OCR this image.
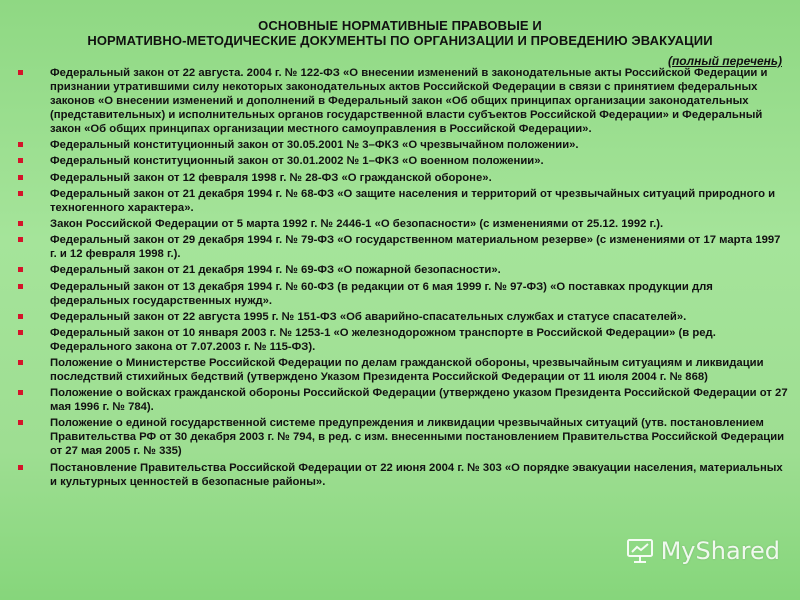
ОСНОВНЫЕ НОРМАТИВНЫЕ ПРАВОВЫЕ И
НОРМАТИВНО-МЕТОДИЧЕСКИЕ ДОКУМЕНТЫ ПО ОРГАНИЗАЦИИ И ПРОВЕДЕНИЮ ЭВАКУАЦИИ
(полный перечень)
Федеральный закон от 22 августа. 2004 г. № 122-ФЗ «О внесении изменений в законодательные акты Российской Федерации и признании утратившими силу некоторых законодательных актов Российской Федерации в связи с принятием федеральных законов «О внесении изменений и дополнений в Федеральный закон «Об общих принципах организации законодательных (представительных) и исполнительных органов государственной власти субъектов Российской Федерации» и Федеральный закон «Об общих принципах организации местного самоуправления в Российской Федерации».
Федеральный конституционный закон от 30.05.2001 № 3–ФКЗ «О чрезвычайном положении».
Федеральный конституционный закон от 30.01.2002 № 1–ФКЗ «О военном положении».
Федеральный закон от 12 февраля 1998 г. № 28-ФЗ «О гражданской обороне».
Федеральный закон от 21 декабря 1994 г. № 68-ФЗ «О защите населения и территорий от чрезвычайных ситуаций природного и техногенного характера».
Закон Российской Федерации от 5 марта 1992 г. № 2446-1 «О безопасности» (с изменениями от 25.12. 1992 г.).
Федеральный закон от 29 декабря 1994 г. № 79-ФЗ «О государственном материальном резерве» (с изменениями от 17 марта 1997 г. и 12 февраля 1998 г.).
Федеральный закон от 21 декабря 1994 г. № 69-ФЗ «О пожарной безопасности».
Федеральный закон от 13 декабря 1994 г. № 60-ФЗ (в редакции от 6 мая 1999 г. № 97-ФЗ) «О поставках продукции для федеральных государственных нужд».
Федеральный закон от 22 августа 1995 г. № 151-ФЗ «Об аварийно-спасательных службах и статусе спасателей».
Федеральный закон от 10 января 2003 г. № 1253-1 «О железнодорожном транспорте в Российской Федерации» (в ред. Федерального закона от 7.07.2003 г. № 115-ФЗ).
Положение о Министерстве Российской Федерации по делам гражданской обороны, чрезвычайным ситуациям и ликвидации последствий стихийных бедствий (утверждено Указом Президента Российской Федерации от 11 июля 2004 г. № 868)
Положение о войсках гражданской обороны Российской Федерации (утверждено указом Президента Российской Федерации от 27 мая 1996 г. № 784).
Положение о единой государственной системе предупреждения и ликвидации чрезвычайных ситуаций (утв. постановлением Правительства РФ от 30 декабря 2003 г. № 794, в ред. с изм. внесенными постановлением Правительства Российской Федерации от 27 мая 2005 г. № 335)
Постановление Правительства Российской Федерации от 22 июня 2004 г. № 303 «О порядке эвакуации населения, материальных и культурных ценностей в безопасные районы».
MyShared
